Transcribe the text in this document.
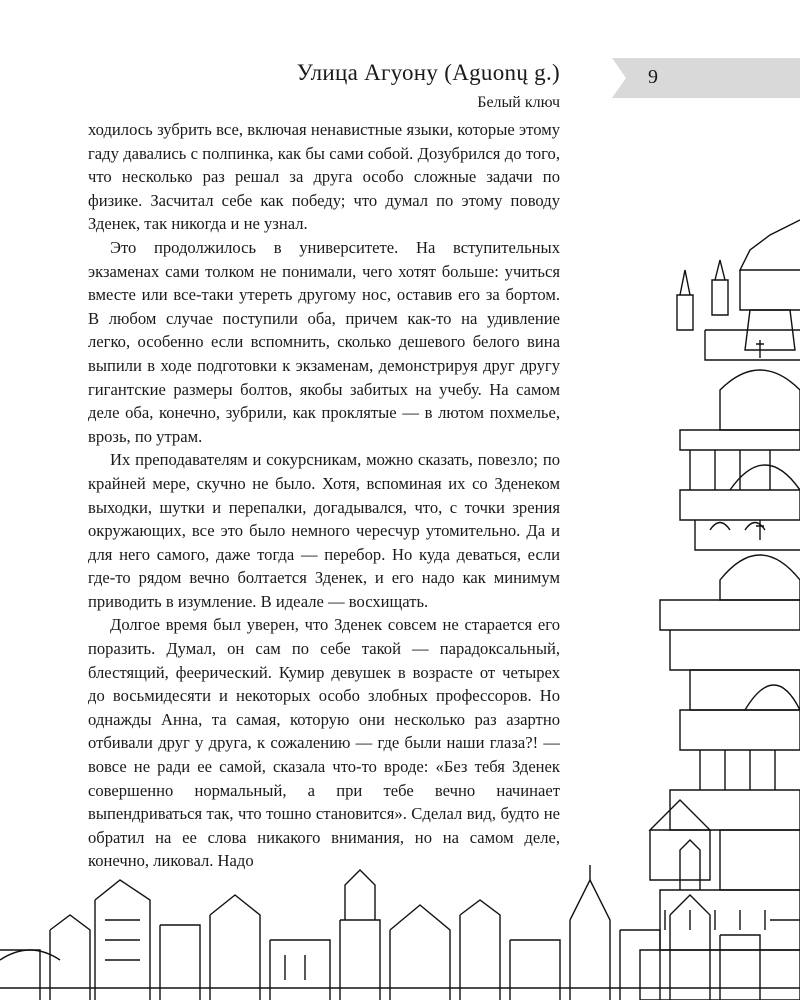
9
Улица Агуону (Aguonų g.)
Белый ключ

ходилось зубрить все, включая ненавистные языки, которые этому гаду давались с полпинка, как бы сами собой. Дозубрился до того, что несколько раз решал за друга особо сложные задачи по физике. Засчитал себе как победу; что думал по этому поводу Зденек, так никогда и не узнал.

Это продолжилось в университете. На вступительных экзаменах сами толком не понимали, чего хотят больше: учиться вместе или все-таки утереть другому нос, оставив его за бортом. В любом случае поступили оба, причем как-то на удивление легко, особенно если вспомнить, сколько дешевого белого вина выпили в ходе подготовки к экзаменам, демонстрируя друг другу гигантские размеры болтов, якобы забитых на учебу. На самом деле оба, конечно, зубрили, как проклятые — в лютом похмелье, врозь, по утрам.

Их преподавателям и сокурсникам, можно сказать, повезло; по крайней мере, скучно не было. Хотя, вспоминая их со Зденеком выходки, шутки и перепалки, догадывался, что, с точки зрения окружающих, все это было немного чересчур утомительно. Да и для него самого, даже тогда — перебор. Но куда деваться, если где-то рядом вечно болтается Зденек, и его надо как минимум приводить в изумление. В идеале — восхищать.

Долгое время был уверен, что Зденек совсем не старается его поразить. Думал, он сам по себе такой — парадоксальный, блестящий, феерический. Кумир девушек в возрасте от четырех до восьмидесяти и некоторых особо злобных профессоров. Но однажды Анна, та самая, которую они несколько раз азартно отбивали друг у друга, к сожалению — где были наши глаза?! — вовсе не ради ее самой, сказала что-то вроде: «Без тебя Зденек совершенно нормальный, а при тебе вечно начинает выпендриваться так, что тошно становится». Сделал вид, будто не обратил на ее слова никакого внимания, но на самом деле, конечно, ликовал. Надо
